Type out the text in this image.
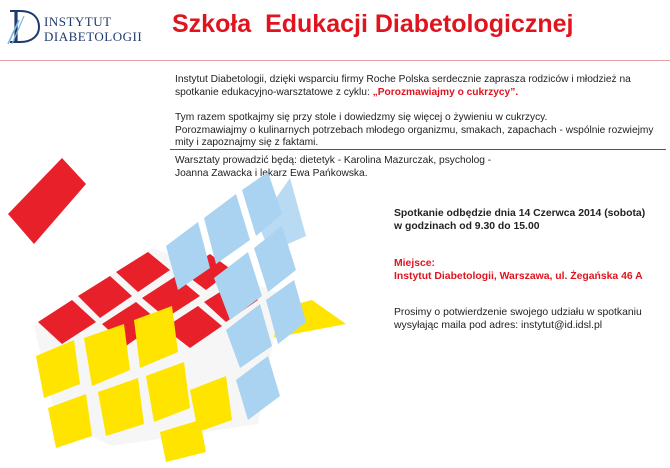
INSTYTUT
DIABETOLOGII Szkoła  Edukacji Diabetologicznej

Instytut Diabetologii, dzięki wsparciu firmy Roche Polska serdecznie zaprasza rodziców i młodzież na spotkanie edukacyjno-warsztatowe z cyklu: „Porozmawiajmy o cukrzycy”.

Tym razem spotkajmy się przy stole i dowiedzmy się więcej o żywieniu w cukrzycy.
Porozmawiajmy o kulinarnych potrzebach młodego organizmu, smakach, zapachach - wspólnie rozwiejmy mity i zapoznajmy się z faktami.

Warsztaty prowadzić będą: dietetyk - Karolina Mazurczak, psycholog - Joanna Zawacka i lekarz Ewa Pańkowska.

Spotkanie odbędzie dnia 14 Czerwca 2014 (sobota)
w godzinach od 9.30 do 15.00
Miejsce:
Instytut Diabetologii, Warszawa, ul. Żegańska 46 A
Prosimy o potwierdzenie swojego udziału w spotkaniu
wysyłając maila pod adres: instytut@id.idsl.pl
